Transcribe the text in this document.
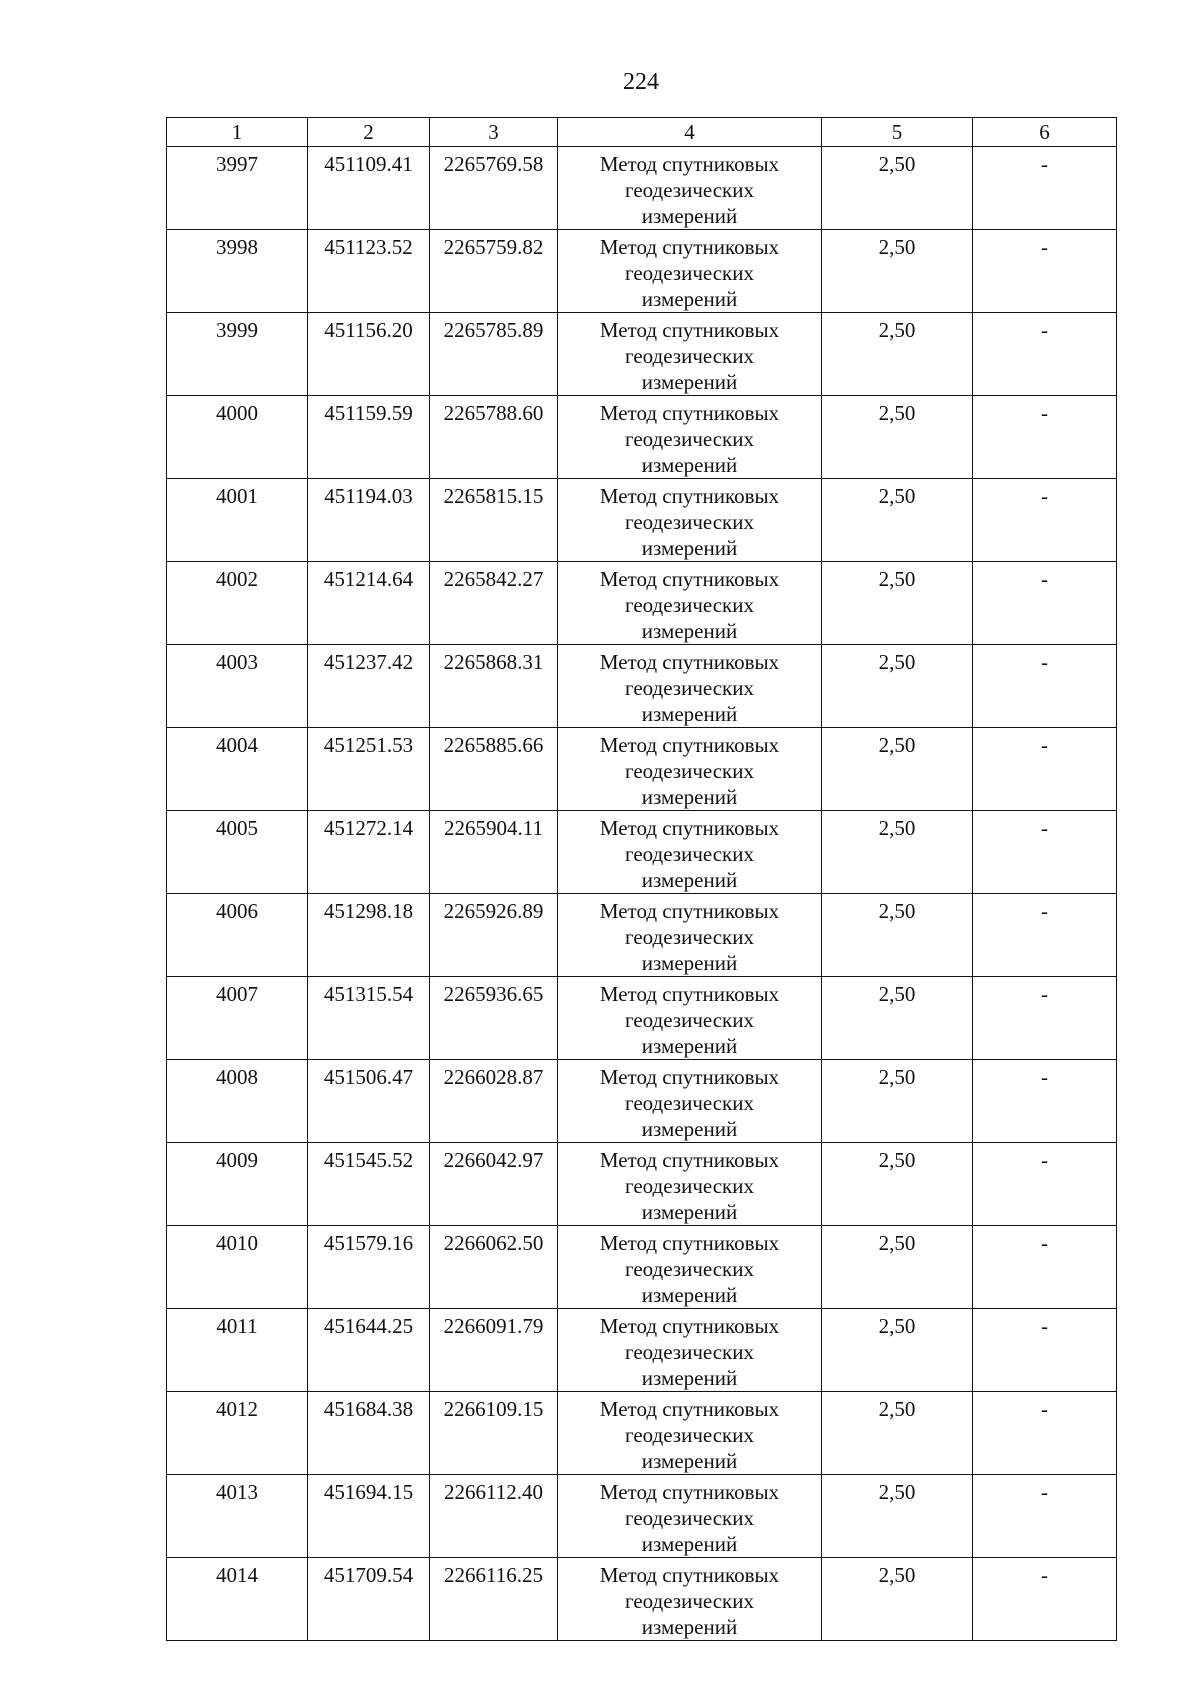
224
1	2	3	4	5	6
3997	451109.41	2265769.58	Метод спутниковых
геодезических
измерений	2,50	-
3998	451123.52	2265759.82	Метод спутниковых
геодезических
измерений	2,50	-
3999	451156.20	2265785.89	Метод спутниковых
геодезических
измерений	2,50	-
4000	451159.59	2265788.60	Метод спутниковых
геодезических
измерений	2,50	-
4001	451194.03	2265815.15	Метод спутниковых
геодезических
измерений	2,50	-
4002	451214.64	2265842.27	Метод спутниковых
геодезических
измерений	2,50	-
4003	451237.42	2265868.31	Метод спутниковых
геодезических
измерений	2,50	-
4004	451251.53	2265885.66	Метод спутниковых
геодезических
измерений	2,50	-
4005	451272.14	2265904.11	Метод спутниковых
геодезических
измерений	2,50	-
4006	451298.18	2265926.89	Метод спутниковых
геодезических
измерений	2,50	-
4007	451315.54	2265936.65	Метод спутниковых
геодезических
измерений	2,50	-
4008	451506.47	2266028.87	Метод спутниковых
геодезических
измерений	2,50	-
4009	451545.52	2266042.97	Метод спутниковых
геодезических
измерений	2,50	-
4010	451579.16	2266062.50	Метод спутниковых
геодезических
измерений	2,50	-
4011	451644.25	2266091.79	Метод спутниковых
геодезических
измерений	2,50	-
4012	451684.38	2266109.15	Метод спутниковых
геодезических
измерений	2,50	-
4013	451694.15	2266112.40	Метод спутниковых
геодезических
измерений	2,50	-
4014	451709.54	2266116.25	Метод спутниковых
геодезических
измерений	2,50	-
